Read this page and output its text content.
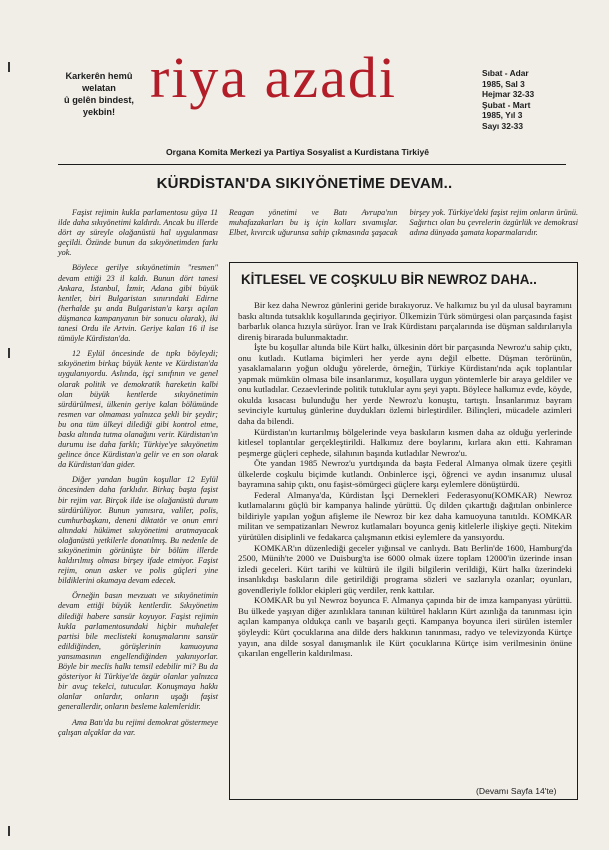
Karkerên hemû
welatan
û gelên bindest,
yekbin!
riya azadi	Sıbat - Adar
1985, Sal 3
Hejmar 32-33
Şubat - Mart
1985, Yıl 3
Sayı 32-33
Organa Komita Merkezi ya Partiya Sosyalist a Kurdistana Tirkiyê
KÜRDİSTAN'DA SIKIYÖNETİME DEVAM..

Faşist rejimin kukla parlamentosu güya 11 ilde daha sıkıyönetimi kaldırdı. Ancak bu illerde dört ay süreyle olağanüstü hal uygulanması geçildi. Özünde bunun da sıkıyönetimden farkı yok.

Böylece gerilye sıkıyönetimin "resmen" devam ettiği 23 il kaldı. Bunun dört tanesi Ankara, İstanbul, İzmir, Adana gibi büyük kentler, biri Bulgaristan sınırındaki Edirne (herhalde şu anda Bulgaristan'a karşı açılan düşmanca kampanyanın bir sonucu olarak), iki tanesi Ordu ile Artvin. Geriye kalan 16 il ise tümüyle Kürdistan'da.

12 Eylül öncesinde de tıpkı böyleydi; sıkıyönetim birkaç büyük kente ve Kürdistan'da uygulanıyordu. Aslında, işçi sınıfının ve genel olarak politik ve demokratik hareketin kalbi olan büyük kentlerde sıkıyönetimin sürdürülmesi, ülkenin geriye kalan bölümünde resmen var olmaması yalnızca şekli bir şeydir; bu ona tüm ülkeyi dilediği gibi kontrol etme, baskı altında tutma olanağını verir. Kürdistan'ın durumu ise daha farklı; Türkiye'ye sıkıyönetim gelince önce Kürdistan'a gelir ve en son olarak da Kürdistan'dan gider.

Diğer yandan bugün koşullar 12 Eylül öncesinden daha farklıdır. Birkaç başta faşist bir rejim var. Birçok ilde ise olağanüstü durum sürdürülüyor. Bunun yanısıra, valiler, polis, cumhurbaşkanı, deneni diktatör ve onun emri altındaki hükümet sıkıyönetimi aratmayacak olağanüstü yetkilerle donatılmış. Bu nedenle de sıkıyönetimin görünüşte bir bölüm illerde kaldırılmış olması birşey ifade etmiyor. Faşist rejim, onun asker ve polis güçleri yine bildiklerini okumaya devam edecek.

Örneğin basın mevzuatı ve sıkıyönetimin devam ettiği büyük kentlerdir. Sıkıyönetim dilediği habere sansür koyuyor. Faşist rejimin kukla parlamentosundaki hiçbir muhalefet partisi bile meclisteki konuşmalarını sansür edildiğinden, görüşlerinin kamuoyuna yansımasının engellendiğinden yakınıyorlar. Böyle bir meclis halkı temsil edebilir mi? Bu da gösteriyor ki Türkiye'de özgür olanlar yalnızca bir avuç tekelci, tutucular. Konuşmaya hakkı olanlar onlardır, onların uşağı faşist generallerdir, onların besleme kalemleridir.

Ama Batı'da bu rejimi demokrat göstermeye çalışan alçaklar da var.

Reagan yönetimi ve Batı Avrupa'nın muhafazakarları bu iş için kolları sıvamışlar. Elbet, kıvırcık uğurunsa sahip çıkmasında şaşacak birşey yok. Türkiye'deki faşist rejim onların ürünü. Sağırtıcı olan bu çevrelerin özgürlük ve demokrasi adına dünyada şamata koparmalarıdır.

KİTLESEL VE COŞKULU BİR NEWROZ DAHA..

Bir kez daha Newroz günlerini geride bırakıyoruz. Ve halkımız bu yıl da ulusal bayramını baskı altında tutsaklık koşullarında geçiriyor. Ülkemizin Türk sömürgesi olan parçasında faşist barbarlık olanca hızıyla sürüyor. İran ve Irak Kürdistanı parçalarında ise düşman saldırılarıyla direniş birarada bulunmaktadır.

İşte bu koşullar altında bile Kürt halkı, ülkesinin dört bir parçasında Newroz'u sahip çıktı, onu kutladı. Kutlama biçimleri her yerde aynı değil elbette. Düşman terörünün, yasaklamaların yoğun olduğu yörelerde, örneğin, Türkiye Kürdistanı'nda açık toplantılar yapmak mümkün olmasa bile insanlarımız, koşullara uygun yöntemlerle bir araya geldiler ve onu kutladılar. Cezaevlerinde politik tutuklular aynı şeyi yaptı. Böylece halkımız evde, köyde, okulda kısacası bulunduğu her yerde Newroz'u konuştu, tartıştı. İnsanlarımız bayram sevinciyle kurtuluş günlerine duydukları özlemi birleştirdiler. Bilinçleri, mücadele azimleri daha da bilendi.

Kürdistan'ın kurtarılmış bölgelerinde veya baskıların kısmen daha az olduğu yerlerinde kitlesel toplantılar gerçekleştirildi. Halkımız dere boylarını, kırlara akın etti. Kahraman peşmerge güçleri cephede, silahının başında kutladılar Newroz'u.

Öte yandan 1985 Newroz'u yurtdışında da başta Federal Almanya olmak üzere çeşitli ülkelerde coşkulu biçimde kutlandı. Onbinlerce işçi, öğrenci ve aydın insanımız ulusal bayramına sahip çıktı, onu faşist-sömürgeci güçlere karşı eylemlere dönüştürdü.

Federal Almanya'da, Kürdistan İşçi Dernekleri Federasyonu(KOMKAR) Newroz kutlamalarını güçlü bir kampanya halinde yürüttü. Üç dilden çıkarttığı dağıtılan onbinlerce bildiriyle yapılan yoğun afişleme ile Newroz bir kez daha kamuoyuna tanıtıldı. KOMKAR militan ve sempatizanları Newroz kutlamaları boyunca geniş kitlelerle ilişkiye geçti. Nitekim yürütülen disiplinli ve fedakarca çalışmanın etkisi eylemlere da yansıyordu.

KOMKAR'ın düzenlediği geceler yığınsal ve canlıydı. Batı Berlin'de 1600, Hamburg'da 2500, Münih'te 2000 ve Duisburg'ta ise 6000 olmak üzere toplam 12000'in üzerinde insan izledi geceleri. Kürt tarihi ve kültürü ile ilgili bilgilerin verildiği, Kürt halkı üzerindeki insanlıkdışı baskıların dile getirildiği programa sözleri ve sazlarıyla ozanlar; oyunları, govendleriyle folklor ekipleri güç verdiler, renk kattılar.

KOMKAR bu yıl Newroz boyunca F. Almanya çapında bir de imza kampanyası yürüttü. Bu ülkede yaşıyan diğer azınlıklara tanınan kültürel hakların Kürt azınlığa da tanınması için açılan kampanya oldukça canlı ve başarılı geçti. Kampanya boyunca ileri sürülen istemler şöyleydi: Kürt çocuklarına ana dilde ders hakkının tanınması, radyo ve televizyonda Kürtçe yayın, ana dilde sosyal danışmanlık ile Kürt çocuklarına Kürtçe isim verilmesinin önüne çıkarılan engellerin kaldırılması.

(Devamı Sayfa 14'te)
